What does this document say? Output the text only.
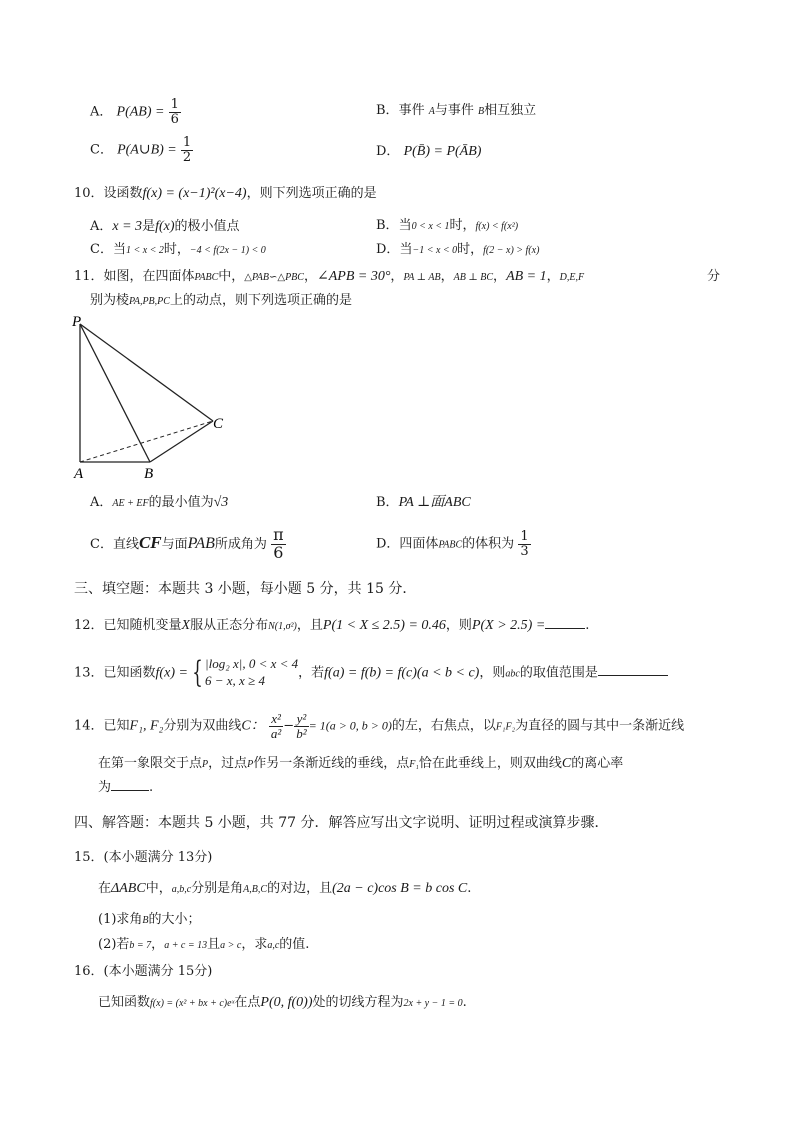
A． $P(AB) = \frac{1}{6}$	B．事件 A与事件 B相互独立
C． P(A∪B) = $\frac{1}{2}$	D． P(B̄) = P(ĀB)
10．设函数f(x) = (x−1)²(x−4)，则下列选项正确的是
A．x = 3是f(x)的极小值点	B．当0 < x < 1时，f(x) < f(x²)
C．当1 < x < 2时，−4 < f(2x − 1) < 0	D．当−1 < x < 0时，f(2 − x) > f(x)
11．如图，在四面体PABC中，△PAB∽△PBC，∠APB = 30°，PA ⊥ AB，AB ⊥ BC，AB = 1，D,E,F	分
别为棱PA,PB,PC上的动点，则下列选项正确的是
P
A	B
C
A．AE + EF的最小值为√3	B．PA ⊥面ABC
C．直线CF与面PAB所成角为 $\frac{\pi}{6}$	D．四面体PABC的体积为 $\frac{1}{3}$
三、填空题：本题共 3 小题，每小题 5 分，共 15 分．
12．已知随机变量X服从正态分布N(1,σ²)，且P(1 < X ≤ 2.5) = 0.46，则P(X > 2.5) =	.
13．已知函数f(x) = { |log₂ x|, 0 < x < 4
6 − x, x ≥ 4	，若f(a) = f(b) = f(c)(a < b < c)，则abc的取值范围是
14．已知F₁, F₂分别为双曲线C： $\frac{\text{x²}}{\text{a²}} - \frac{\text{y²}}{\text{b²}} = 1(a > 0$, b > 0)的左，右焦点，以F₁F₂为直径的圆与其中一条渐近线
在第一象限交于点P，过点P作另一条渐近线的垂线，点F₁恰在此垂线上，则双曲线C的离心率
为	.
四、解答题：本题共 5 小题，共 77 分．解答应写出文字说明、证明过程或演算步骤．
15．(本小题满分 13分)
在ΔABC中，a,b,c分别是角A,B,C的对边，且(2a − c)cos B = b cos C.
(1)求角B的大小；
(2)若b = 7，a + c = 13且a > c，求a,c的值.
16．(本小题满分 15分)
已知函数f(x) = (x² + bx + c)eˣ在点P(0, f(0))处的切线方程为2x + y − 1 = 0.
